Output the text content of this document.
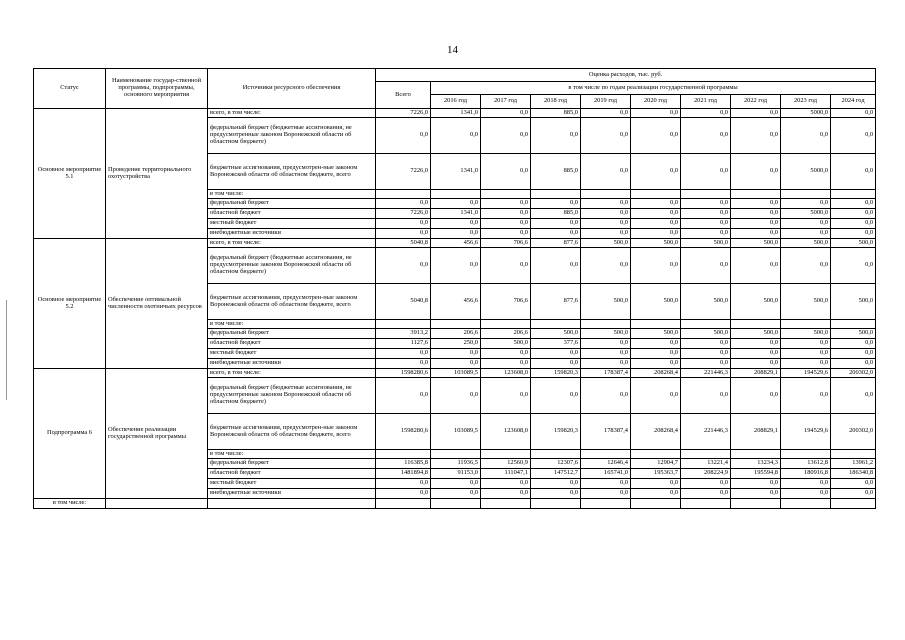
14
Статус	Наименование государ-ственной программы, подпрограммы, основного мероприятия	Источники ресурсного обеспечения	Оценка расходов, тыс. руб.									
			Всего	в том числе по годам реализации государственной программы								
				2016 год	2017 год	2018 год	2019 год	2020 год	2021 год	2022 год	2023 год	2024 год
Основное мероприятие 5.1	Проведение территориального охотустройства	всего, в том числе:	7226,0	1341,0	0,0	885,0	0,0	0,0	0,0	0,0	5000,0	0,0
		федеральный бюджет (бюджетные ассигнования, не предусмотренные законом Воронежской области об областном бюджете)	0,0	0,0	0,0	0,0	0,0	0,0	0,0	0,0	0,0	0,0
		бюджетные ассигнования, предусмотрен-ные законом Воронежской области об областном бюджете, всего	7226,0	1341,0	0,0	885,0	0,0	0,0	0,0	0,0	5000,0	0,0
		в том числе:										
		федеральный бюджет	0,0	0,0	0,0	0,0	0,0	0,0	0,0	0,0	0,0	0,0
		областной бюджет	7226,0	1341,0	0,0	885,0	0,0	0,0	0,0	0,0	5000,0	0,0
		местный бюджет	0,0	0,0	0,0	0,0	0,0	0,0	0,0	0,0	0,0	0,0
		внебюджетные источники	0,0	0,0	0,0	0,0	0,0	0,0	0,0	0,0	0,0	0,0
Основное мероприятие 5.2	Обеспечение оптимальной численности охотничьих ресурсов	всего, в том числе:	5040,8	456,6	706,6	877,6	500,0	500,0	500,0	500,0	500,0	500,0
		федеральный бюджет (бюджетные ассигнования, не предусмотренные законом Воронежской области об областном бюджете)	0,0	0,0	0,0	0,0	0,0	0,0	0,0	0,0	0,0	0,0
		бюджетные ассигнования, предусмотрен-ные законом Воронежской области об областном бюджете, всего	5040,8	456,6	706,6	877,6	500,0	500,0	500,0	500,0	500,0	500,0
		в том числе:										
		федеральный бюджет	3913,2	206,6	206,6	500,0	500,0	500,0	500,0	500,0	500,0	500,0
		областной бюджет	1127,6	250,0	500,0	377,6	0,0	0,0	0,0	0,0	0,0	0,0
		местный бюджет	0,0	0,0	0,0	0,0	0,0	0,0	0,0	0,0	0,0	0,0
		внебюджетные источники	0,0	0,0	0,0	0,0	0,0	0,0	0,0	0,0	0,0	0,0
Подпрограмма 6	Обеспечение реализации государственной программы	всего, в том числе:	1598280,6	103089,5	123608,0	159820,3	178387,4	208268,4	221446,3	208829,1	194529,6	200302,0
		федеральный бюджет (бюджетные ассигнования, не предусмотренные законом Воронежской области об областном бюджете)	0,0	0,0	0,0	0,0	0,0	0,0	0,0	0,0	0,0	0,0
		бюджетные ассигнования, предусмотрен-ные законом Воронежской области об областном бюджете, всего	1598280,6	103089,5	123608,0	159820,3	178387,4	208268,4	221446,3	208829,1	194529,6	200302,0
		в том числе:										
		федеральный бюджет	116385,8	11936,5	12560,9	12307,6	12646,4	12904,7	13221,4	13234,3	13612,8	13961,2
		областной бюджет	1481894,8	91153,0	111047,1	147512,7	165741,0	195363,7	208224,9	195594,8	180916,8	186340,8
		местный бюджет	0,0	0,0	0,0	0,0	0,0	0,0	0,0	0,0	0,0	0,0
		внебюджетные источники	0,0	0,0	0,0	0,0	0,0	0,0	0,0	0,0	0,0	0,0
в том числе:												
